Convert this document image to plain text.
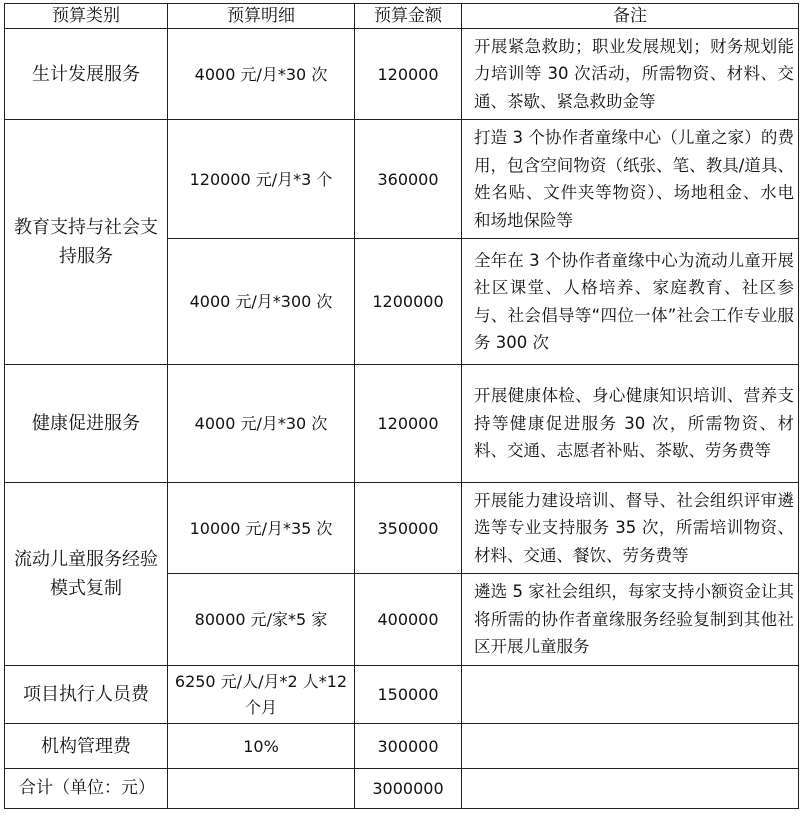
预算类别	预算明细	预算金额	备注
生计发展服务	4000 元/月*30 次	120000	开展紧急救助；职业发展规划；财务规划能力培训等 30 次活动，所需物资、材料、交通、茶歇、紧急救助金等
教育支持与社会支持服务	120000 元/月*3 个	360000	打造 3 个协作者童缘中心（儿童之家）的费用，包含空间物资（纸张、笔、教具/道具、姓名贴、文件夹等物资）、场地租金、水电和场地保险等
	4000 元/月*300 次	1200000	全年在 3 个协作者童缘中心为流动儿童开展社区课堂、人格培养、家庭教育、社区参与、社会倡导等“四位一体”社会工作专业服务 300 次
健康促进服务	4000 元/月*30 次	120000	开展健康体检、身心健康知识培训、营养支持等健康促进服务 30 次，所需物资、材料、交通、志愿者补贴、茶歇、劳务费等
流动儿童服务经验模式复制	10000 元/月*35 次	350000	开展能力建设培训、督导、社会组织评审遴选等专业支持服务 35 次，所需培训物资、材料、交通、餐饮、劳务费等
	80000 元/家*5 家	400000	遴选 5 家社会组织，每家支持小额资金让其将所需的协作者童缘服务经验复制到其他社区开展儿童服务
项目执行人员费	6250 元/人/月*2 人*12 个月	150000	
机构管理费	10%	300000	
合计（单位：元）		3000000	
